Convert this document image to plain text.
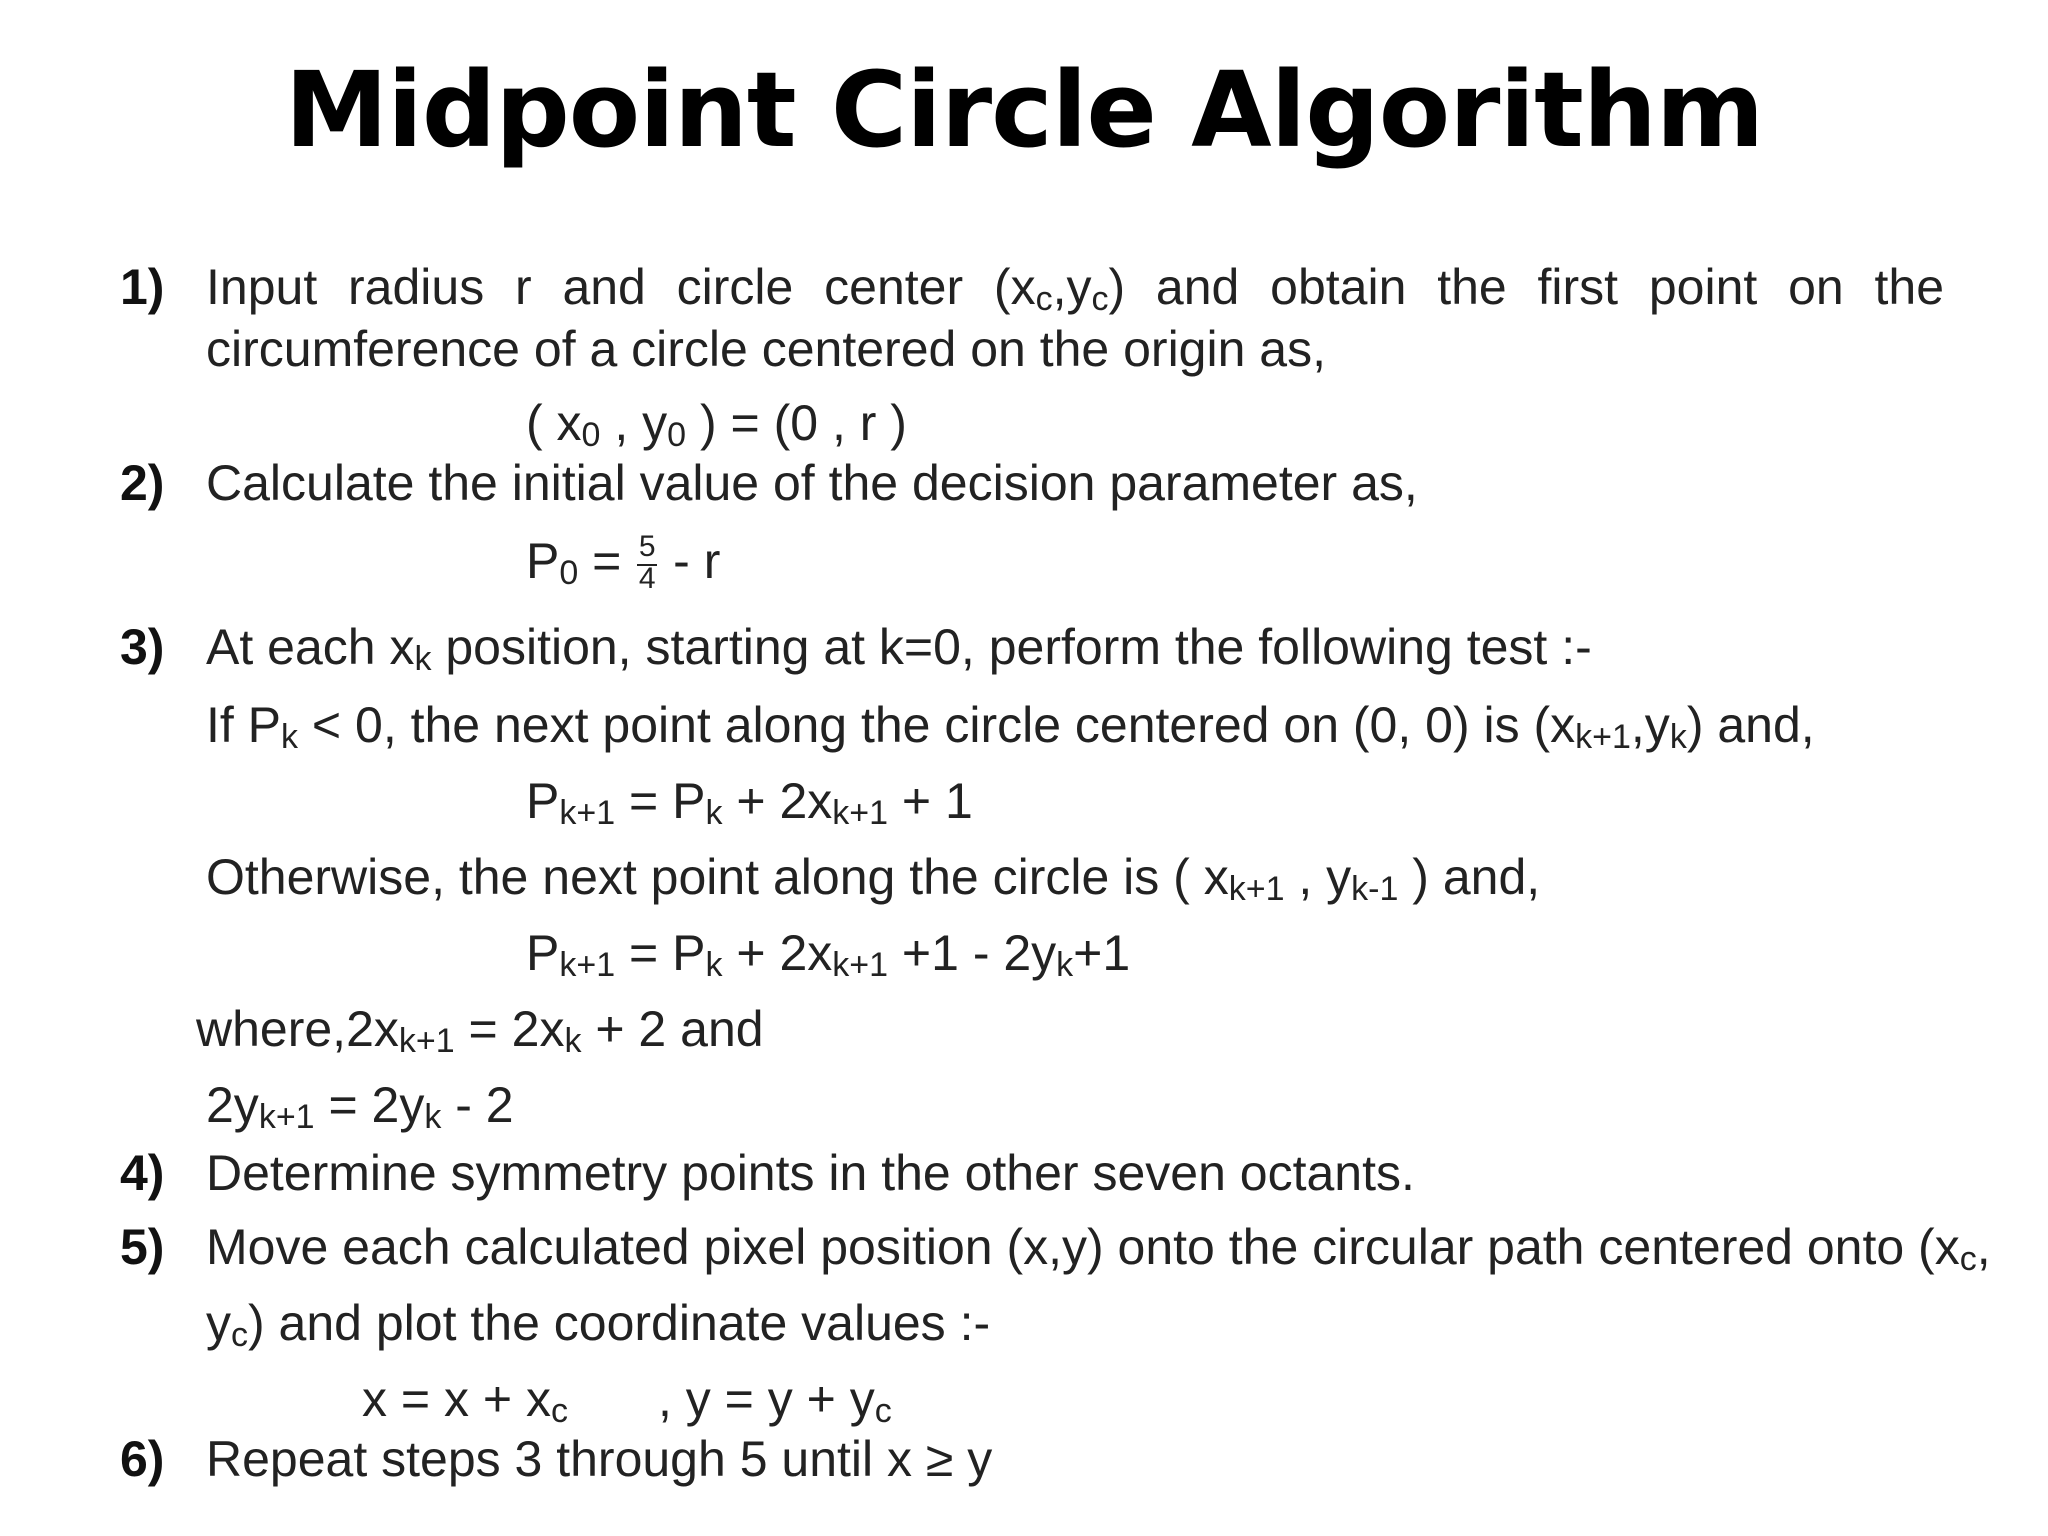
Midpoint Circle Algorithm
1) Input radius r and circle center (xc,yc) and obtain the first point on the
circumference of a circle centered on the origin as,
( x0 , y0 ) = (0 , r )
2) Calculate the initial value of the decision parameter as,
$P0 = \frac{5}{4} - r$
3) At each xk position, starting at k=0, perform the following test :-
If Pk < 0, the next point along the circle centered on (0, 0) is (xk+1,yk) and,
Pk+1 = Pk + 2xk+1 + 1
Otherwise, the next point along the circle is ( xk+1 , yk-1 ) and,
Pk+1 = Pk + 2xk+1 +1 - 2yk+1
where,2xk+1 = 2xk + 2 and
2yk+1 = 2yk - 2
4) Determine symmetry points in the other seven octants.
5) Move each calculated pixel position (x,y) onto the circular path centered onto (xc,
yc) and plot the coordinate values :-
x = x + xc , y = y + yc
6) Repeat steps 3 through 5 until x ≥ y
